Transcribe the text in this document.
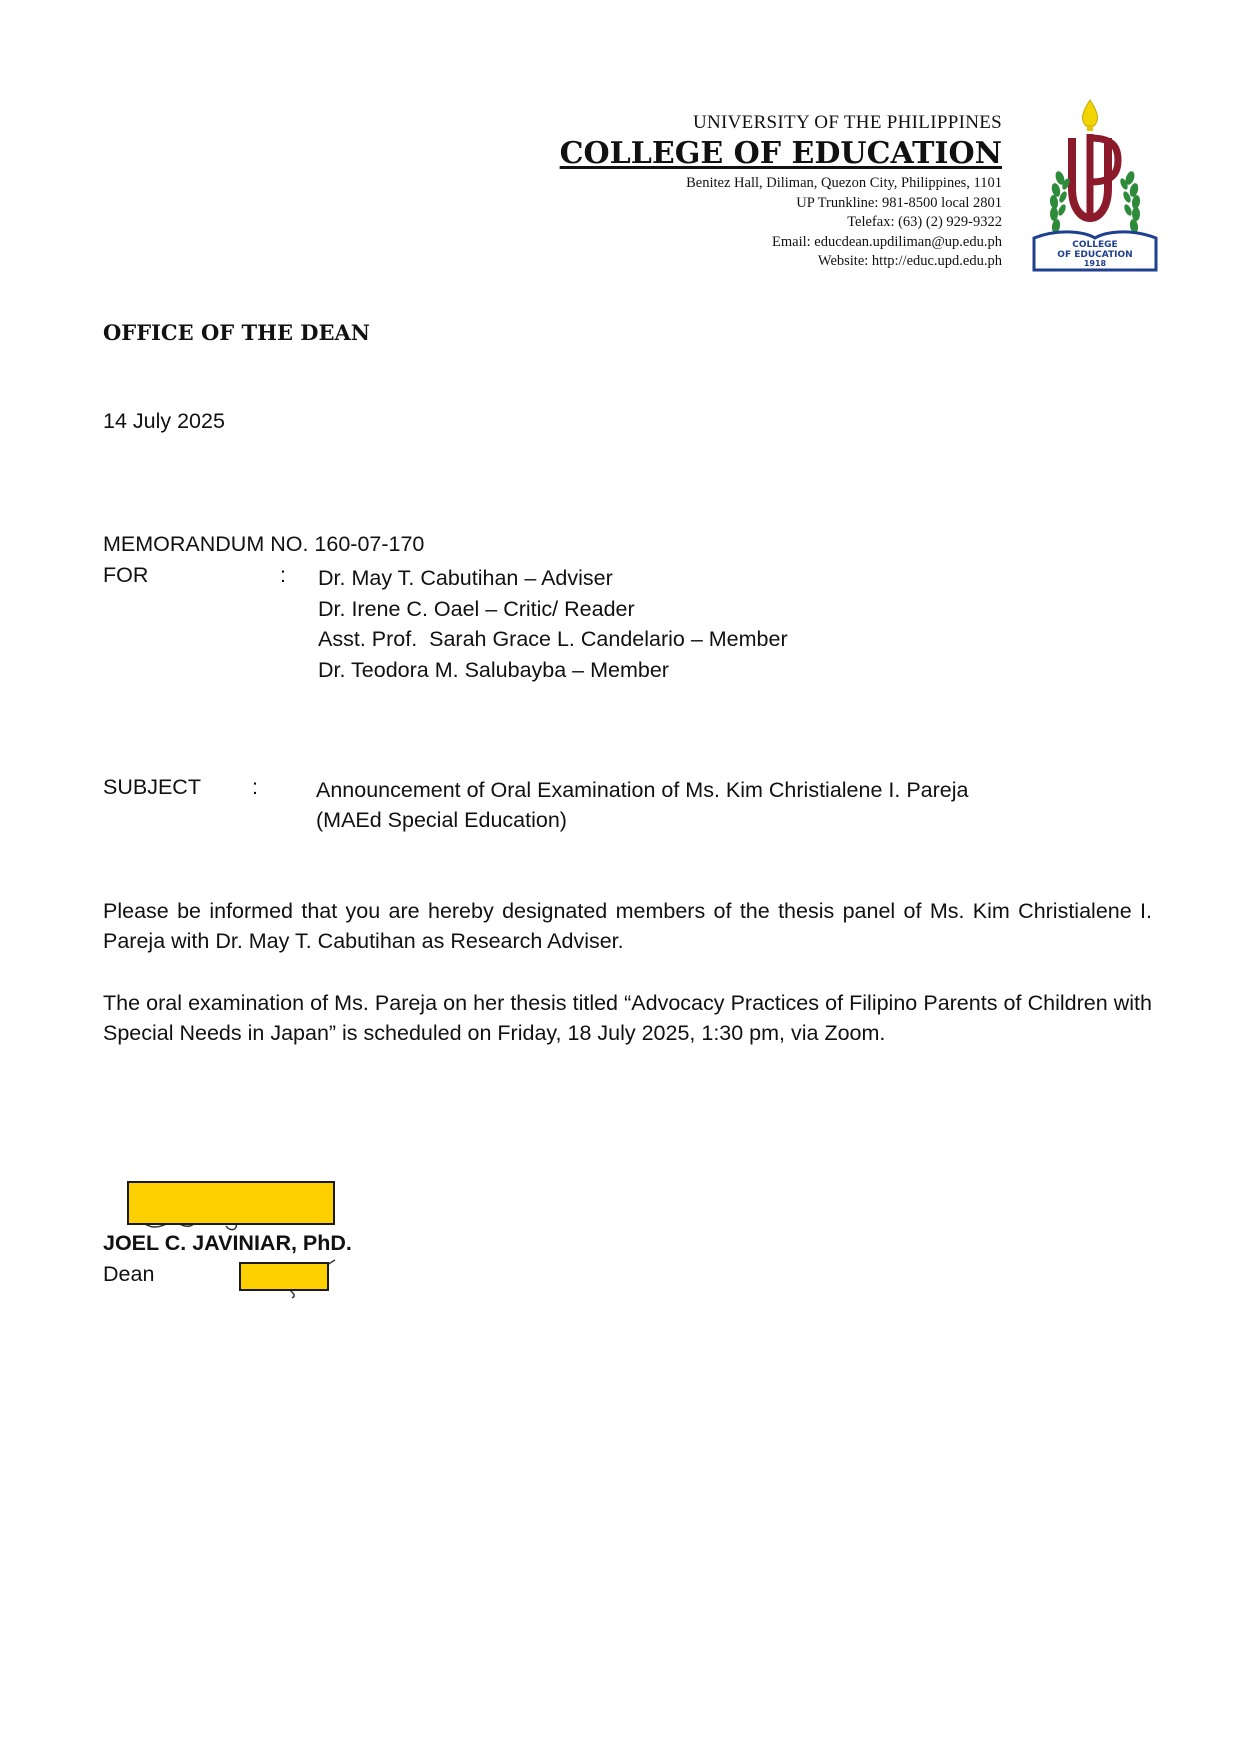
UNIVERSITY OF THE PHILIPPINES
COLLEGE OF EDUCATION
Benitez Hall, Diliman, Quezon City, Philippines, 1101
UP Trunkline: 981-8500 local 2801
Telefax: (63) (2) 929-9322
Email: educdean.updiliman@up.edu.ph
Website: http://educ.upd.edu.ph
COLLEGE
OF EDUCATION
1918
OFFICE OF THE DEAN
14 July 2025
MEMORANDUM NO. 160-07-170
FOR	: Dr. May T. Cabutihan – Adviser
Dr. Irene C. Oael – Critic/ Reader
Asst. Prof.  Sarah Grace L. Candelario – Member
Dr. Teodora M. Salubayba – Member
SUBJECT :	Announcement of Oral Examination of Ms. Kim Christialene I. Pareja
(MAEd Special Education)
Please be informed that you are hereby designated members of the thesis panel of Ms. Kim Christialene I. Pareja with Dr. May T. Cabutihan as Research Adviser.
The oral examination of Ms. Pareja on her thesis titled “Advocacy Practices of Filipino Parents of Children with Special Needs in Japan” is scheduled on Friday, 18 July 2025, 1:30 pm, via Zoom.
JOEL C. JAVINIAR, PhD.
Dean
